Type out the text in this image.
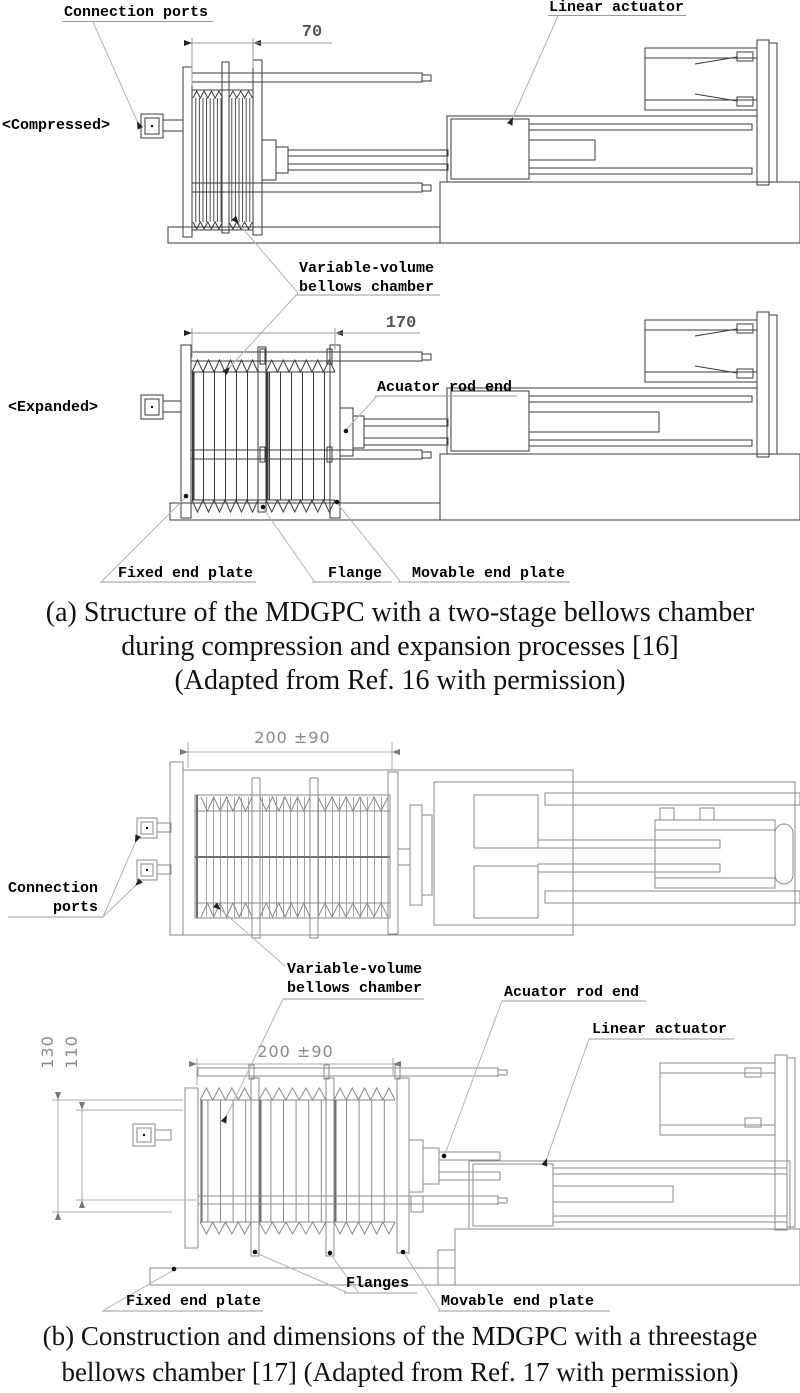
Connection ports	Linear actuator
<Compressed>
70
Variable-volume
bellows chamber
170
<Expanded>
Acuator rod end
Fixed end plate	Flange Movable end plate
(a) Structure of the MDGPC with a two-stage bellows chamber
during compression and expansion processes [16]
(Adapted from Ref. 16 with permission)
200 ±90
Connection
ports
Variable-volume
bellows chamber	Acuator rod end
Linear actuator
200 ±90
130 110
Fixed end plate
Flanges
Movable end plate
(b) Construction and dimensions of the MDGPC with a threestage
bellows chamber [17] (Adapted from Ref. 17 with permission)
